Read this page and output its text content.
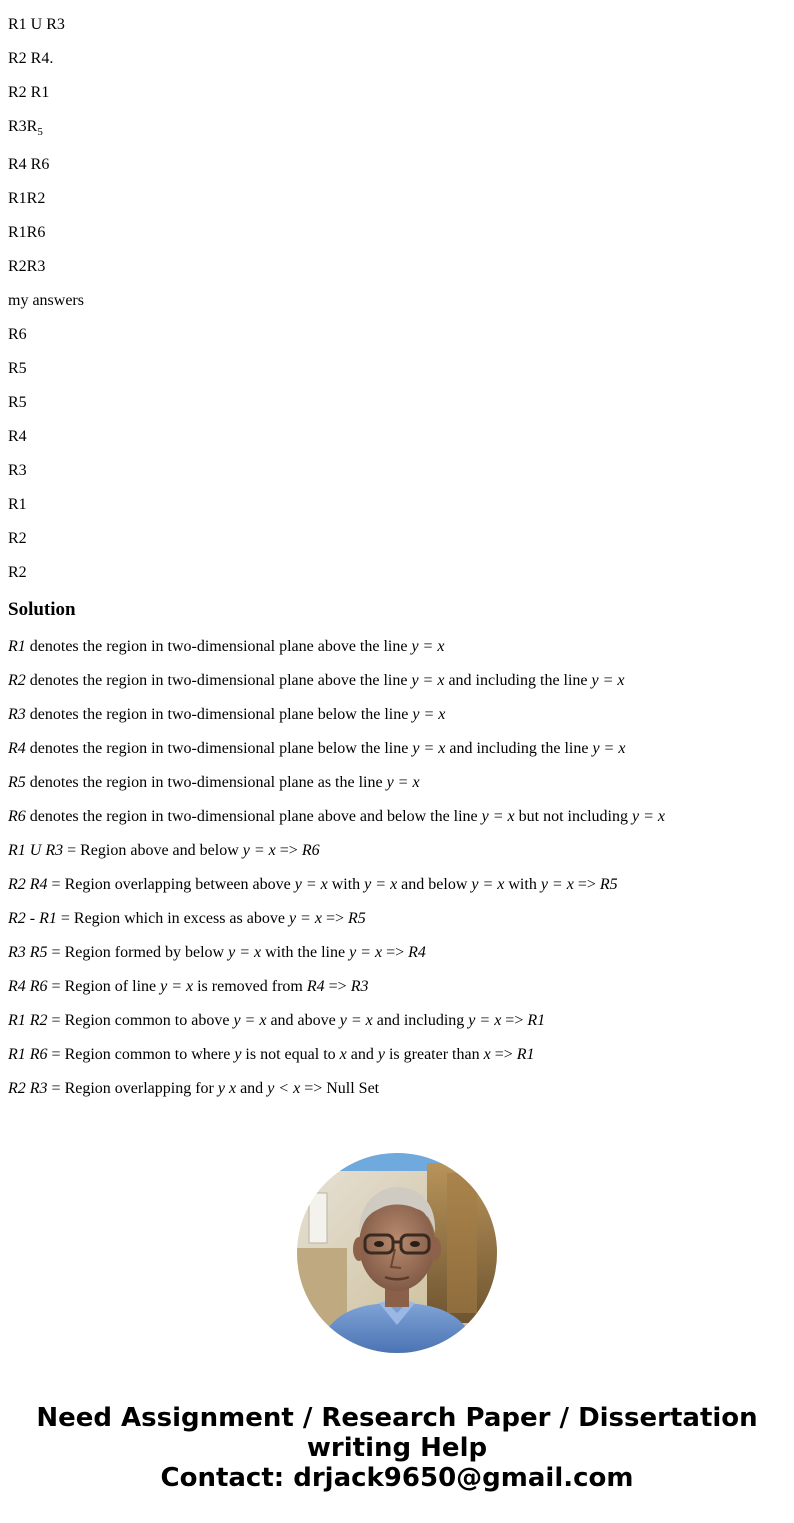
R1 U R3

R2 R4.

R2 R1

$R3R_5$

R4 R6

R1R2

R1R6

R2R3

my answers

R6

R5

R5

R4

R3

R1

R2

R2

Solution

R1 denotes the region in two-dimensional plane above the line y = x

R2 denotes the region in two-dimensional plane above the line y = x and including the line y = x

R3 denotes the region in two-dimensional plane below the line y = x

R4 denotes the region in two-dimensional plane below the line y = x and including the line y = x

R5 denotes the region in two-dimensional plane as the line y = x

R6 denotes the region in two-dimensional plane above and below the line y = x but not including y = x

R1 U R3 = Region above and below y = x => R6

R2 R4 = Region overlapping between above y = x with y = x and below y = x with y = x => R5

R2 - R1 = Region which in excess as above y = x => R5

R3 R5 = Region formed by below y = x with the line y = x => R4

R4 R6 = Region of line y = x is removed from R4 => R3

R1 R2 = Region common to above y = x and above y = x and including y = x => R1

R1 R6 = Region common to where y is not equal to x and y is greater than x => R1

R2 R3 = Region overlapping for y x and y < x => Null Set

Need Assignment / Research Paper / Dissertation
writing Help
Contact: drjack9650@gmail.com
